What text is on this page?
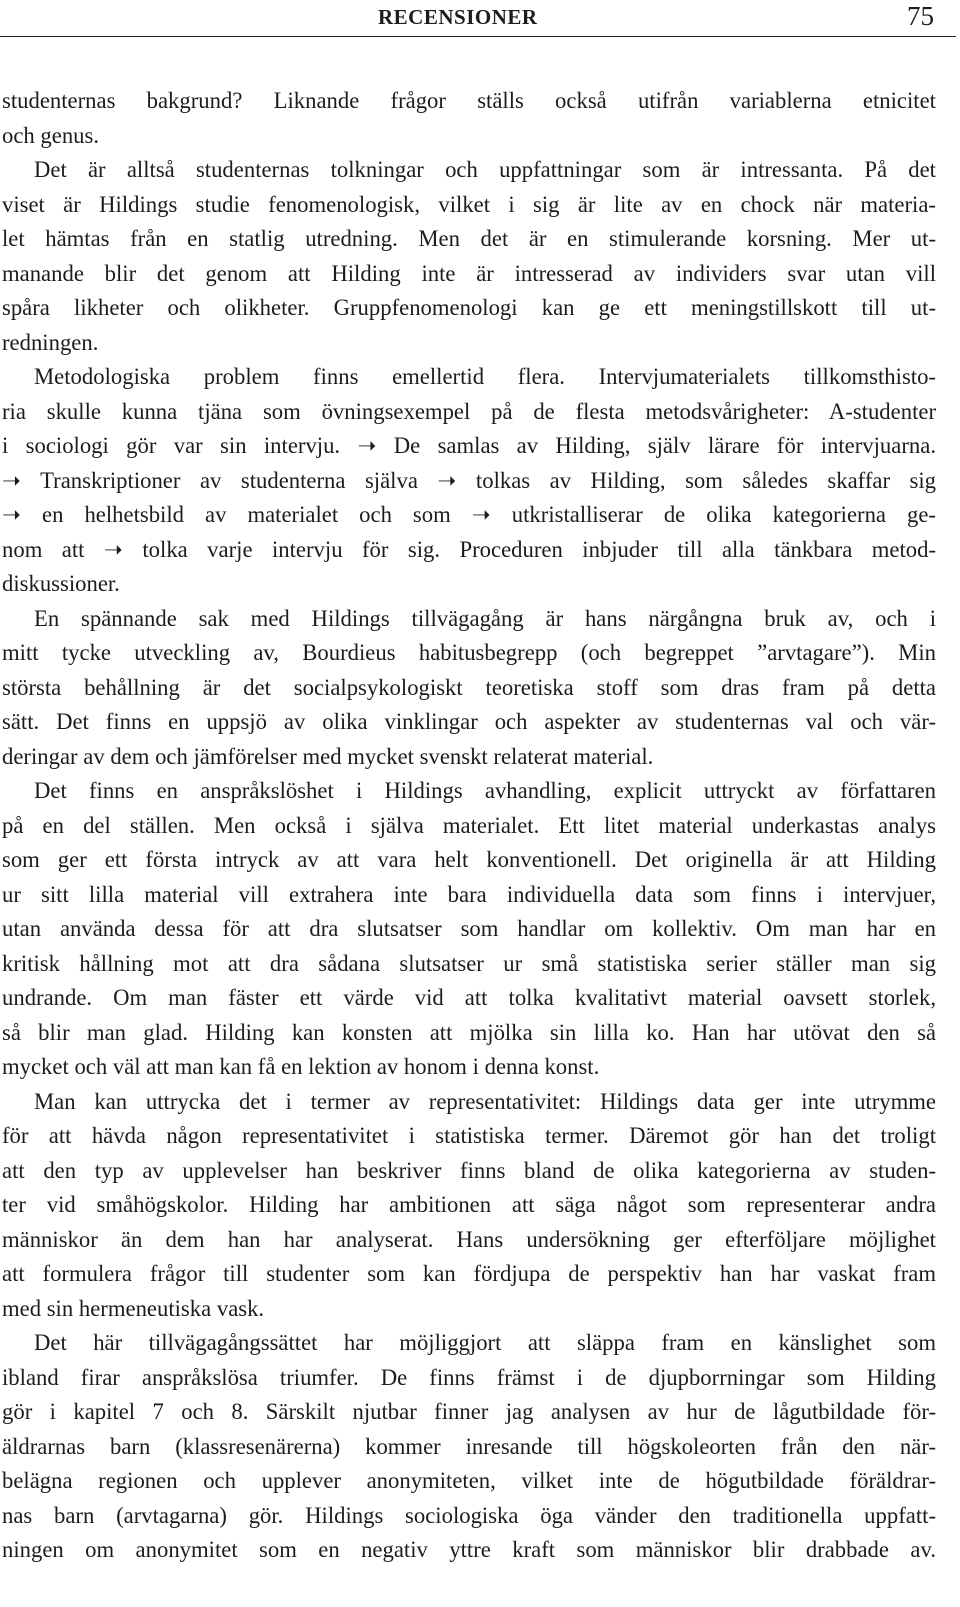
RECENSIONER	75
studenternas bakgrund? Liknande frågor ställs också utifrån variablerna etnicitet
och genus.
Det är alltså studenternas tolkningar och uppfattningar som är intressanta. På det
viset är Hildings studie fenomenologisk, vilket i sig är lite av en chock när materia-
let hämtas från en statlig utredning. Men det är en stimulerande korsning. Mer ut-
manande blir det genom att Hilding inte är intresserad av individers svar utan vill
spåra likheter och olikheter. Gruppfenomenologi kan ge ett meningstillskott till ut-
redningen.
Metodologiska problem finns emellertid flera. Intervjumaterialets tillkomsthisto-
ria skulle kunna tjäna som övningsexempel på de flesta metodsvårigheter: A-studenter
i sociologi gör var sin intervju. ➝ De samlas av Hilding, själv lärare för intervjuarna.
➝ Transkriptioner av studenterna själva ➝ tolkas av Hilding, som således skaffar sig
➝ en helhetsbild av materialet och som ➝ utkristalliserar de olika kategorierna ge-
nom att ➝ tolka varje intervju för sig. Proceduren inbjuder till alla tänkbara metod-
diskussioner.
En spännande sak med Hildings tillvägagång är hans närgångna bruk av, och i
mitt tycke utveckling av, Bourdieus habitusbegrepp (och begreppet ”arvtagare”). Min
största behållning är det socialpsykologiskt teoretiska stoff som dras fram på detta
sätt. Det finns en uppsjö av olika vinklingar och aspekter av studenternas val och vär-
deringar av dem och jämförelser med mycket svenskt relaterat material.
Det finns en anspråkslöshet i Hildings avhandling, explicit uttryckt av författaren
på en del ställen. Men också i själva materialet. Ett litet material underkastas analys
som ger ett första intryck av att vara helt konventionell. Det originella är att Hilding
ur sitt lilla material vill extrahera inte bara individuella data som finns i intervjuer,
utan använda dessa för att dra slutsatser som handlar om kollektiv. Om man har en
kritisk hållning mot att dra sådana slutsatser ur små statistiska serier ställer man sig
undrande. Om man fäster ett värde vid att tolka kvalitativt material oavsett storlek,
så blir man glad. Hilding kan konsten att mjölka sin lilla ko. Han har utövat den så
mycket och väl att man kan få en lektion av honom i denna konst.
Man kan uttrycka det i termer av representativitet: Hildings data ger inte utrymme
för att hävda någon representativitet i statistiska termer. Däremot gör han det troligt
att den typ av upplevelser han beskriver finns bland de olika kategorierna av studen-
ter vid småhögskolor. Hilding har ambitionen att säga något som representerar andra
människor än dem han har analyserat. Hans undersökning ger efterföljare möjlighet
att formulera frågor till studenter som kan fördjupa de perspektiv han har vaskat fram
med sin hermeneutiska vask.
Det här tillvägagångssättet har möjliggjort att släppa fram en känslighet som
ibland firar anspråkslösa triumfer. De finns främst i de djupborrningar som Hilding
gör i kapitel 7 och 8. Särskilt njutbar finner jag analysen av hur de lågutbildade för-
äldrarnas barn (klassresenärerna) kommer inresande till högskoleorten från den när-
belägna regionen och upplever anonymiteten, vilket inte de högutbildade föräldrar-
nas barn (arvtagarna) gör. Hildings sociologiska öga vänder den traditionella uppfatt-
ningen om anonymitet som en negativ yttre kraft som människor blir drabbade av.
